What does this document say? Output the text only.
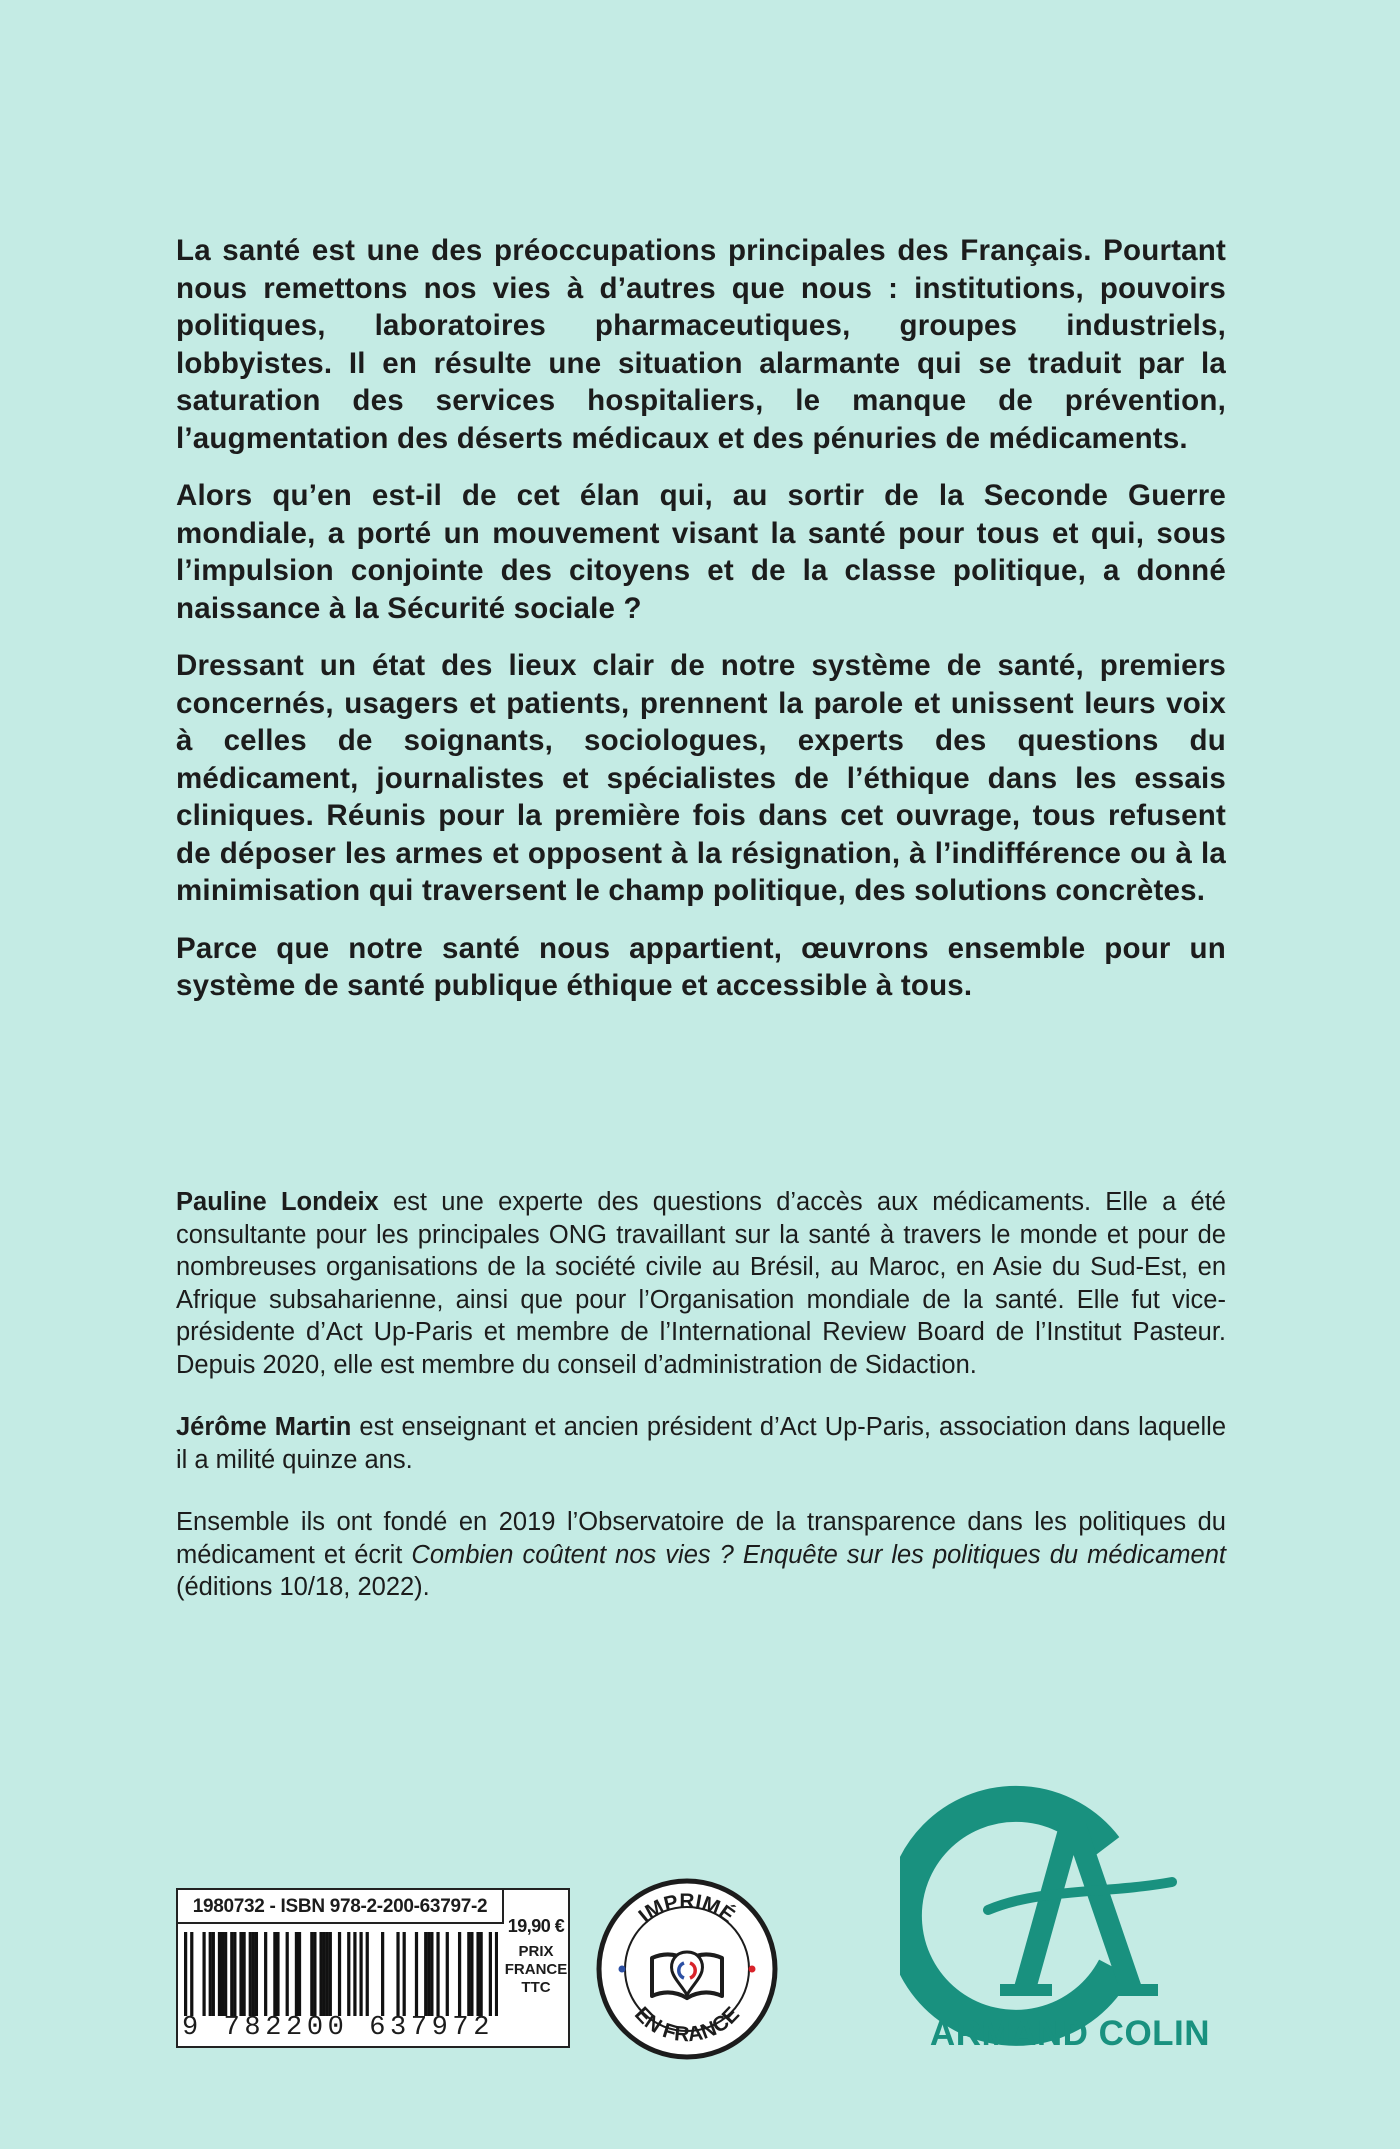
La santé est une des préoccupations principales des Français. Pourtant nous remettons nos vies à d’autres que nous : institutions, pouvoirs politiques, laboratoires pharmaceutiques, groupes industriels, lobbyistes. Il en résulte une situation alarmante qui se traduit par la saturation des services hospitaliers, le manque de prévention, l’augmentation des déserts médicaux et des pénuries de médicaments.

Alors qu’en est-il de cet élan qui, au sortir de la Seconde Guerre mondiale, a porté un mouvement visant la santé pour tous et qui, sous l’impulsion conjointe des citoyens et de la classe politique, a donné naissance à la Sécurité sociale ?

Dressant un état des lieux clair de notre système de santé, premiers concernés, usagers et patients, prennent la parole et unissent leurs voix à celles de soignants, sociologues, experts des questions du médicament, journalistes et spécialistes de l’éthique dans les essais cliniques. Réunis pour la première fois dans cet ouvrage, tous refusent de déposer les armes et opposent à la résignation, à l’indifférence ou à la minimisation qui traversent le champ politique, des solutions concrètes.

Parce que notre santé nous appartient, œuvrons ensemble pour un système de santé publique éthique et accessible à tous.

Pauline Londeix est une experte des questions d’accès aux médicaments. Elle a été consultante pour les principales ONG travaillant sur la santé à travers le monde et pour de nombreuses organisations de la société civile au Brésil, au Maroc, en Asie du Sud-Est, en Afrique subsaharienne, ainsi que pour l’Organisation mondiale de la santé. Elle fut vice-présidente d’Act Up-Paris et membre de l’International Review Board de l’Institut Pasteur. Depuis 2020, elle est membre du conseil d’administration de Sidaction.

Jérôme Martin est enseignant et ancien président d’Act Up-Paris, association dans laquelle il a milité quinze ans.

Ensemble ils ont fondé en 2019 l’Observatoire de la transparence dans les politiques du médicament et écrit Combien coûtent nos vies ? Enquête sur les politiques du médicament (éditions 10/18, 2022).

1980732 - ISBN 978-2-200-63797-2
9 782200 637972
19,90 €
PRIX
FRANCE
TTC
IMPRIMÉ
EN FRANCE	ARMAND COLIN
